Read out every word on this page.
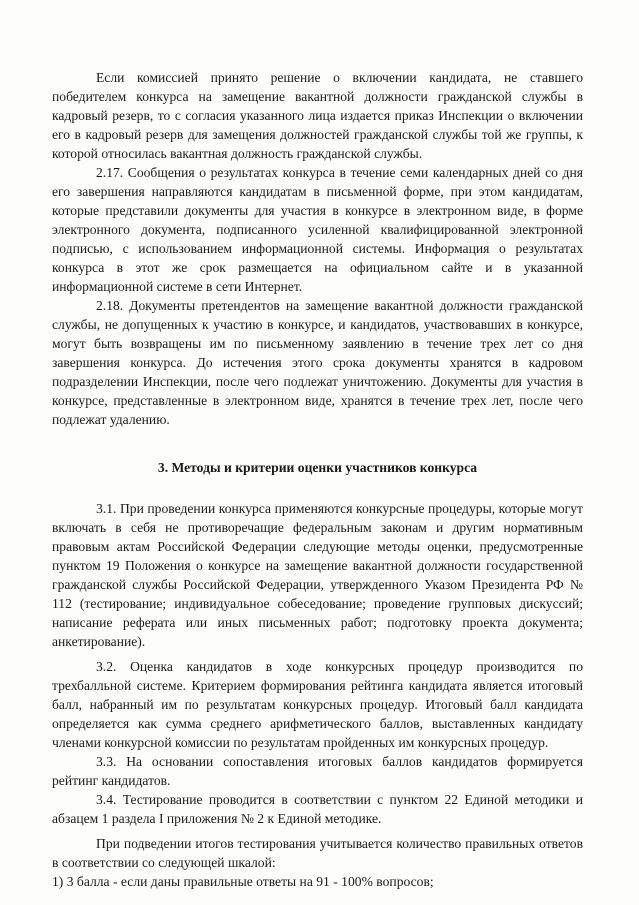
Если комиссией принято решение о включении кандидата, не ставшего победителем конкурса на замещение вакантной должности гражданской службы в кадровый резерв, то с согласия указанного лица издается приказ Инспекции о включении его в кадровый резерв для замещения должностей гражданской службы той же группы, к которой относилась вакантная должность гражданской службы.

2.17. Сообщения о результатах конкурса в течение семи календарных дней со дня его завершения направляются кандидатам в письменной форме, при этом кандидатам, которые представили документы для участия в конкурсе в электронном виде, в форме электронного документа, подписанного усиленной квалифицированной электронной подписью, с использованием информационной системы. Информация о результатах конкурса в этот же срок размещается на официальном сайте и в указанной информационной системе в сети Интернет.

2.18. Документы претендентов на замещение вакантной должности гражданской службы, не допущенных к участию в конкурсе, и кандидатов, участвовавших в конкурсе, могут быть возвращены им по письменному заявлению в течение трех лет со дня завершения конкурса. До истечения этого срока документы хранятся в кадровом подразделении Инспекции, после чего подлежат уничтожению. Документы для участия в конкурсе, представленные в электронном виде, хранятся в течение трех лет, после чего подлежат удалению.

3. Методы и критерии оценки участников конкурса

3.1. При проведении конкурса применяются конкурсные процедуры, которые могут включать в себя не противоречащие федеральным законам и другим нормативным правовым актам Российской Федерации следующие методы оценки, предусмотренные пунктом 19 Положения о конкурсе на замещение вакантной должности государственной гражданской службы Российской Федерации, утвержденного Указом Президента РФ № 112 (тестирование; индивидуальное собеседование; проведение групповых дискуссий; написание реферата или иных письменных работ; подготовку проекта документа; анкетирование).

3.2. Оценка кандидатов в ходе конкурсных процедур производится по трехбалльной системе. Критерием формирования рейтинга кандидата является итоговый балл, набранный им по результатам конкурсных процедур. Итоговый балл кандидата определяется как сумма среднего арифметического баллов, выставленных кандидату членами конкурсной комиссии по результатам пройденных им конкурсных процедур.

3.3. На основании сопоставления итоговых баллов кандидатов формируется рейтинг кандидатов.

3.4. Тестирование проводится в соответствии с пунктом 22 Единой методики и абзацем 1 раздела I приложения № 2 к Единой методике.

При подведении итогов тестирования учитывается количество правильных ответов в соответствии со следующей шкалой:

1) 3 балла - если даны правильные ответы на 91 - 100% вопросов;
